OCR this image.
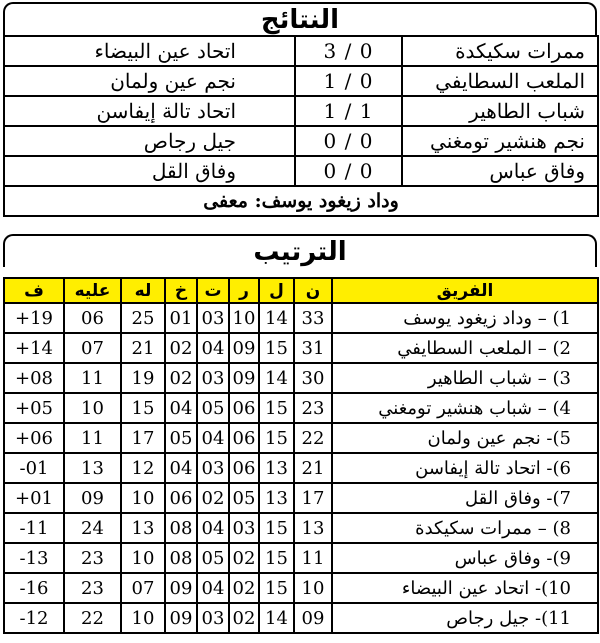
النتائج
ممرات سكيكدة	0 / 3	اتحاد عين البيضاء
الملعب السطايفي	0 / 1	نجم عين ولمان
شباب الطاهير	1 / 1	اتحاد تالة إيفاسن
نجم هنشير تومغني	0 / 0	جيل رجاص
وفاق عباس	0 / 0	وفاق القل
وداد زيغود يوسف: معفى		
الترتيب
الفريق	ن	ل	ر	ت	خ	له	عليه	ف
1) – وداد زيغود يوسف	33	14	10	03	01	25	06	+19
2) – الملعب السطايفي	31	15	09	04	02	21	07	+14
3) – شباب الطاهير	30	14	09	03	02	19	11	+08
4) – شباب هنشير تومغني	23	15	06	05	04	15	10	+05
5)- نجم عين ولمان	22	15	06	04	05	17	11	+06
6)- اتحاد تالة إيفاسن	21	13	06	03	04	12	13	-01
7)- وفاق القل	17	13	05	02	06	10	09	+01
8) – ممرات سكيكدة	13	15	03	04	08	13	24	-11
9)- وفاق عباس	11	15	02	05	08	10	23	-13
10)- اتحاد عين البيضاء	10	15	02	04	09	07	23	-16
11)- جيل رجاص	09	14	02	03	09	10	22	-12
